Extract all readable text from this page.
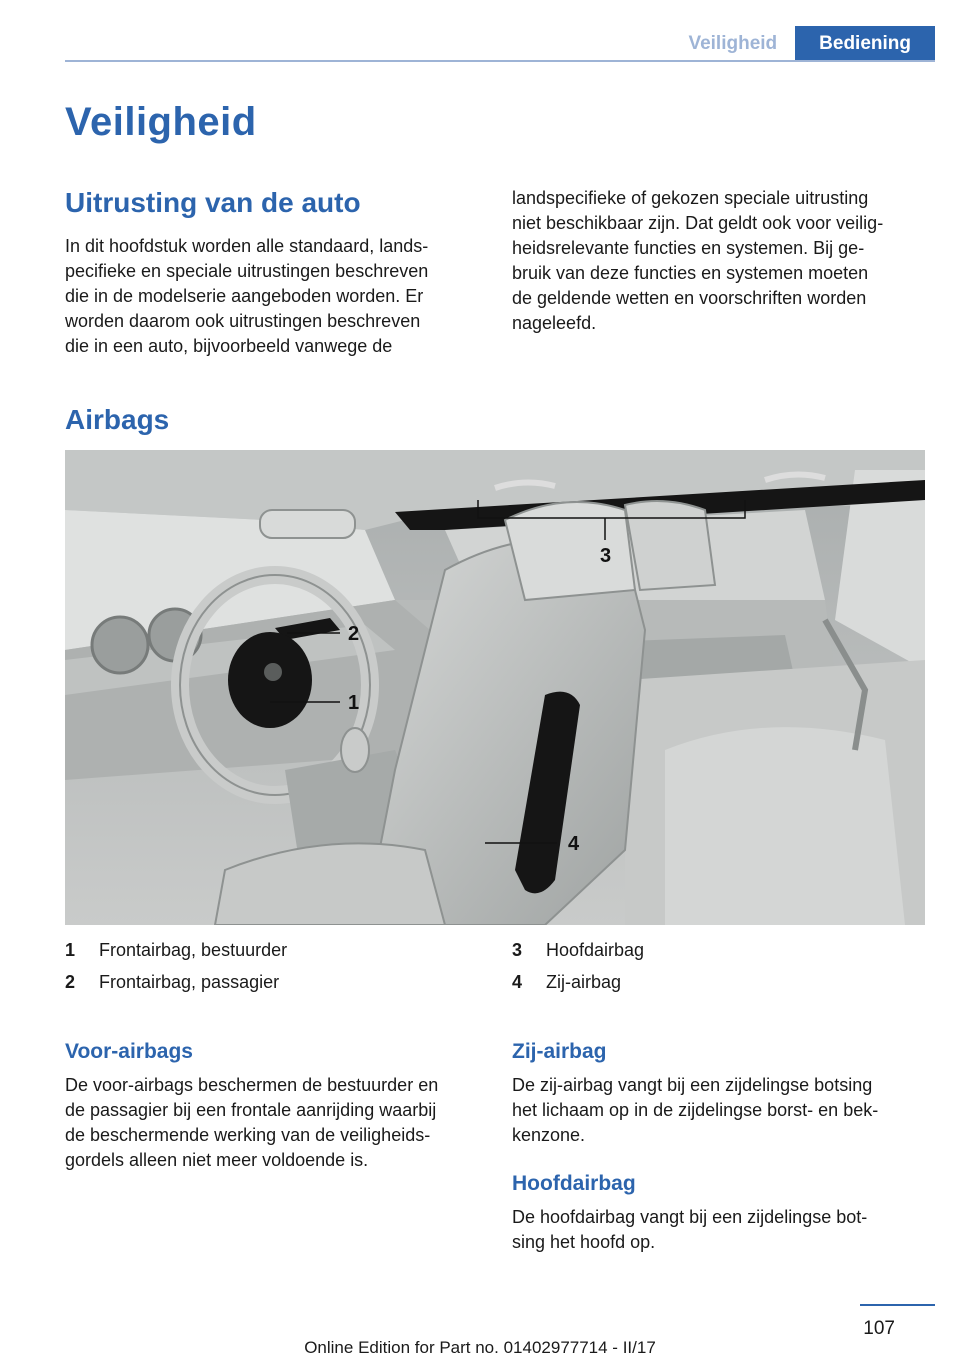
Veiligheid	Bediening
Veiligheid
Uitrusting van de auto

In dit hoofdstuk worden alle standaard, lands-
pecifieke en speciale uitrustingen beschreven
die in de modelserie aangeboden worden. Er
worden daarom ook uitrustingen beschreven
die in een auto, bijvoorbeeld vanwege de

landspecifieke of gekozen speciale uitrusting
niet beschikbaar zijn. Dat geldt ook voor veilig-
heidsrelevante functies en systemen. Bij ge-
bruik van deze functies en systemen moeten
de geldende wetten en voorschriften worden
nageleefd.

Airbags
3
2
1
4
1	Frontairbag, bestuurder
2	Frontairbag, passagier
3	Hoofdairbag
4	Zij-airbag
Voor-airbags

De voor-airbags beschermen de bestuurder en
de passagier bij een frontale aanrijding waarbij
de beschermende werking van de veiligheids-
gordels alleen niet meer voldoende is.

Zij-airbag

De zij-airbag vangt bij een zijdelingse botsing
het lichaam op in de zijdelingse borst- en bek-
kenzone.

Hoofdairbag

De hoofdairbag vangt bij een zijdelingse bot-
sing het hoofd op.

107
Online Edition for Part no. 01402977714 - II/17
